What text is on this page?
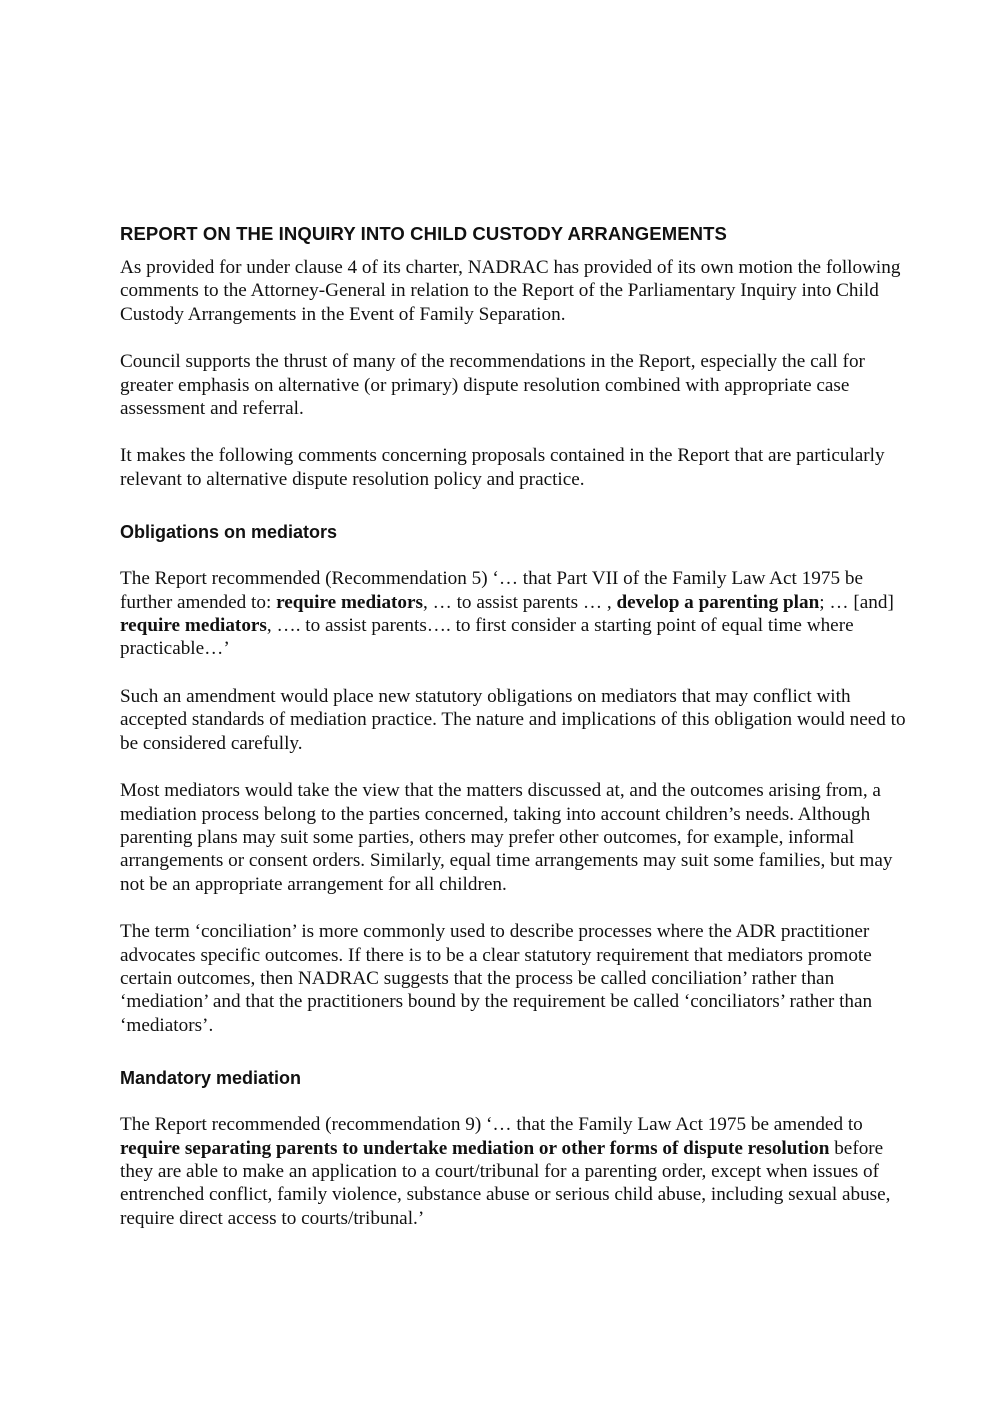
REPORT ON THE INQUIRY INTO CHILD CUSTODY ARRANGEMENTS

As provided for under clause 4 of its charter, NADRAC has provided of its own motion the following comments to the Attorney-General in relation to the Report of the Parliamentary Inquiry into Child Custody Arrangements in the Event of Family Separation.

Council supports the thrust of many of the recommendations in the Report, especially the call for greater emphasis on alternative (or primary) dispute resolution combined with appropriate case assessment and referral.

It makes the following comments concerning proposals contained in the Report that are particularly relevant to alternative dispute resolution policy and practice.

Obligations on mediators

The Report recommended (Recommendation 5) ‘… that Part VII of the Family Law Act 1975 be further amended to: require mediators, … to assist parents … , develop a parenting plan; … [and] require mediators, …. to assist parents…. to first consider a starting point of equal time where practicable…’

Such an amendment would place new statutory obligations on mediators that may conflict with accepted standards of mediation practice. The nature and implications of this obligation would need to be considered carefully.

Most mediators would take the view that the matters discussed at, and the outcomes arising from, a mediation process belong to the parties concerned, taking into account children’s needs. Although parenting plans may suit some parties, others may prefer other outcomes, for example, informal arrangements or consent orders. Similarly, equal time arrangements may suit some families, but may not be an appropriate arrangement for all children.

The term ‘conciliation’ is more commonly used to describe processes where the ADR practitioner advocates specific outcomes. If there is to be a clear statutory requirement that mediators promote certain outcomes, then NADRAC suggests that the process be called conciliation’ rather than ‘mediation’ and that the practitioners bound by the requirement be called ‘conciliators’ rather than ‘mediators’.

Mandatory mediation

The Report recommended (recommendation 9) ‘… that the Family Law Act 1975 be amended to require separating parents to undertake mediation or other forms of dispute resolution before they are able to make an application to a court/tribunal for a parenting order, except when issues of entrenched conflict, family violence, substance abuse or serious child abuse, including sexual abuse, require direct access to courts/tribunal.’
